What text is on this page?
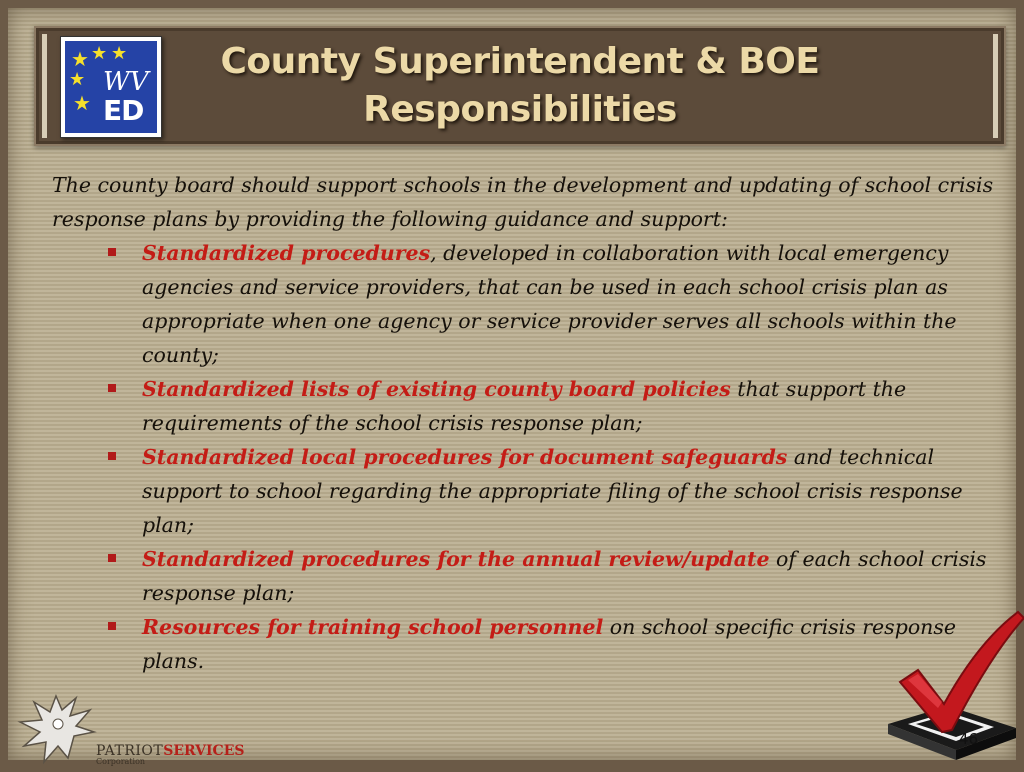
★ ★ ★
★
★
WV
ED
County Superintendent & BOE
Responsibilities

The county board should support schools in the development and updating of school crisis response plans by providing the following guidance and support:

Standardized procedures, developed in collaboration with local emergency agencies and service providers, that can be used in each school crisis plan as appropriate when one agency or service provider serves all schools within the county;
Standardized lists of existing county board policies that support the requirements of the school crisis response plan;
Standardized local procedures for document safeguards and technical support to school regarding the appropriate filing of the school crisis response plan;
Standardized procedures for the annual review/update of each school crisis response plan;
Resources for training school personnel on school specific crisis response plans.
46
PATRIOTSERVICES
Corporation
